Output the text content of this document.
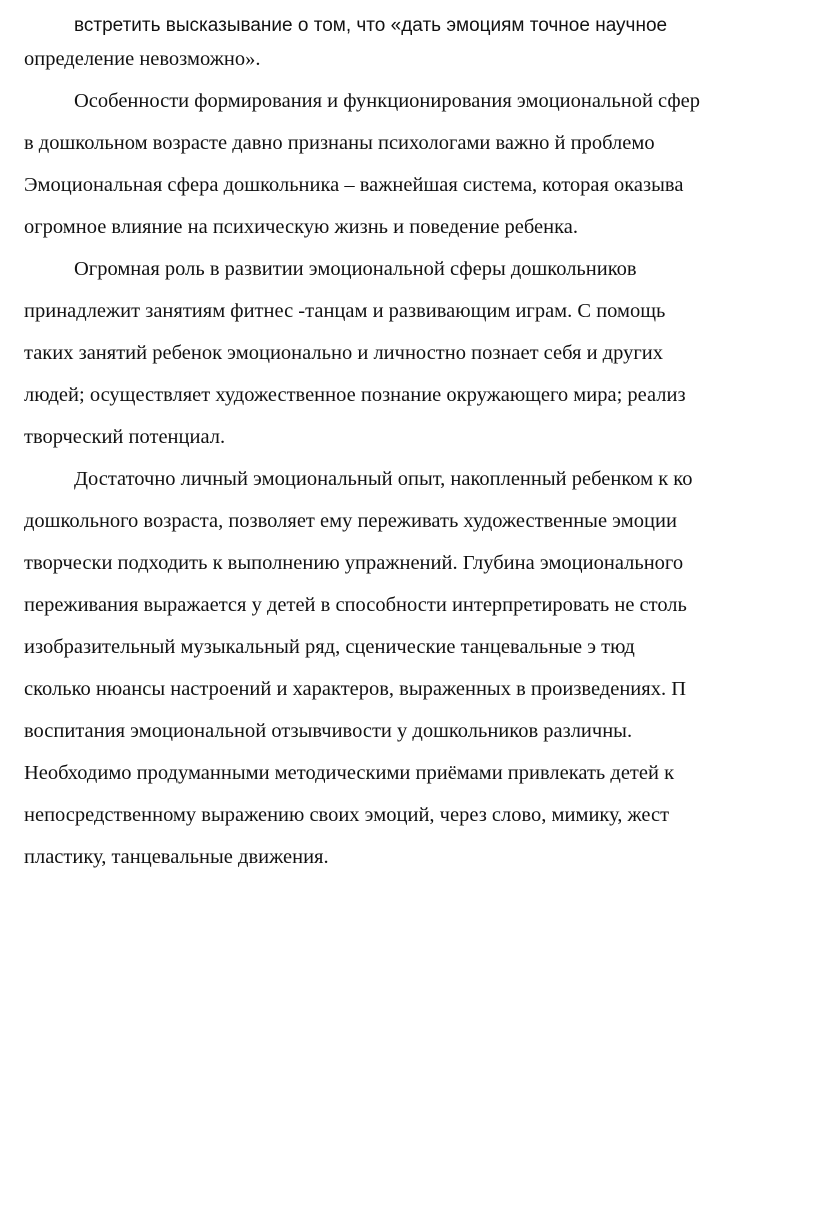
встретить высказывание о том, что «дать эмоциям точное научное
определение невозможно».
Особенности формирования и функционирования эмоциональной сфер
в дошкольном возрасте давно признаны психологами важно й проблемо
Эмоциональная сфера дошкольника – важнейшая система, которая оказыва
огромное влияние на психическую жизнь и поведение ребенка.
Огромная роль в развитии эмоциональной сферы дошкольников
принадлежит занятиям фитнес -танцам и развивающим играм. С помощь
таких занятий ребенок эмоционально и личностно познает себя и других
людей; осуществляет художественное познание окружающего мира; реализ
творческий потенциал.
Достаточно личный эмоциональный опыт, накопленный ребенком к ко
дошкольного возраста, позволяет ему переживать художественные эмоции
творчески подходить к выполнению упражнений. Глубина эмоционального
переживания выражается у детей в способности интерпретировать не столь
изобразительный музыкальный ряд, сценические танцевальные э тюд
сколько нюансы настроений и характеров, выраженных в произведениях. П
воспитания эмоциональной отзывчивости у дошкольников различны.
Необходимо продуманными методическими приёмами привлекать детей к
непосредственному выражению своих эмоций, через слово, мимику, жест
пластику, танцевальные движения.
